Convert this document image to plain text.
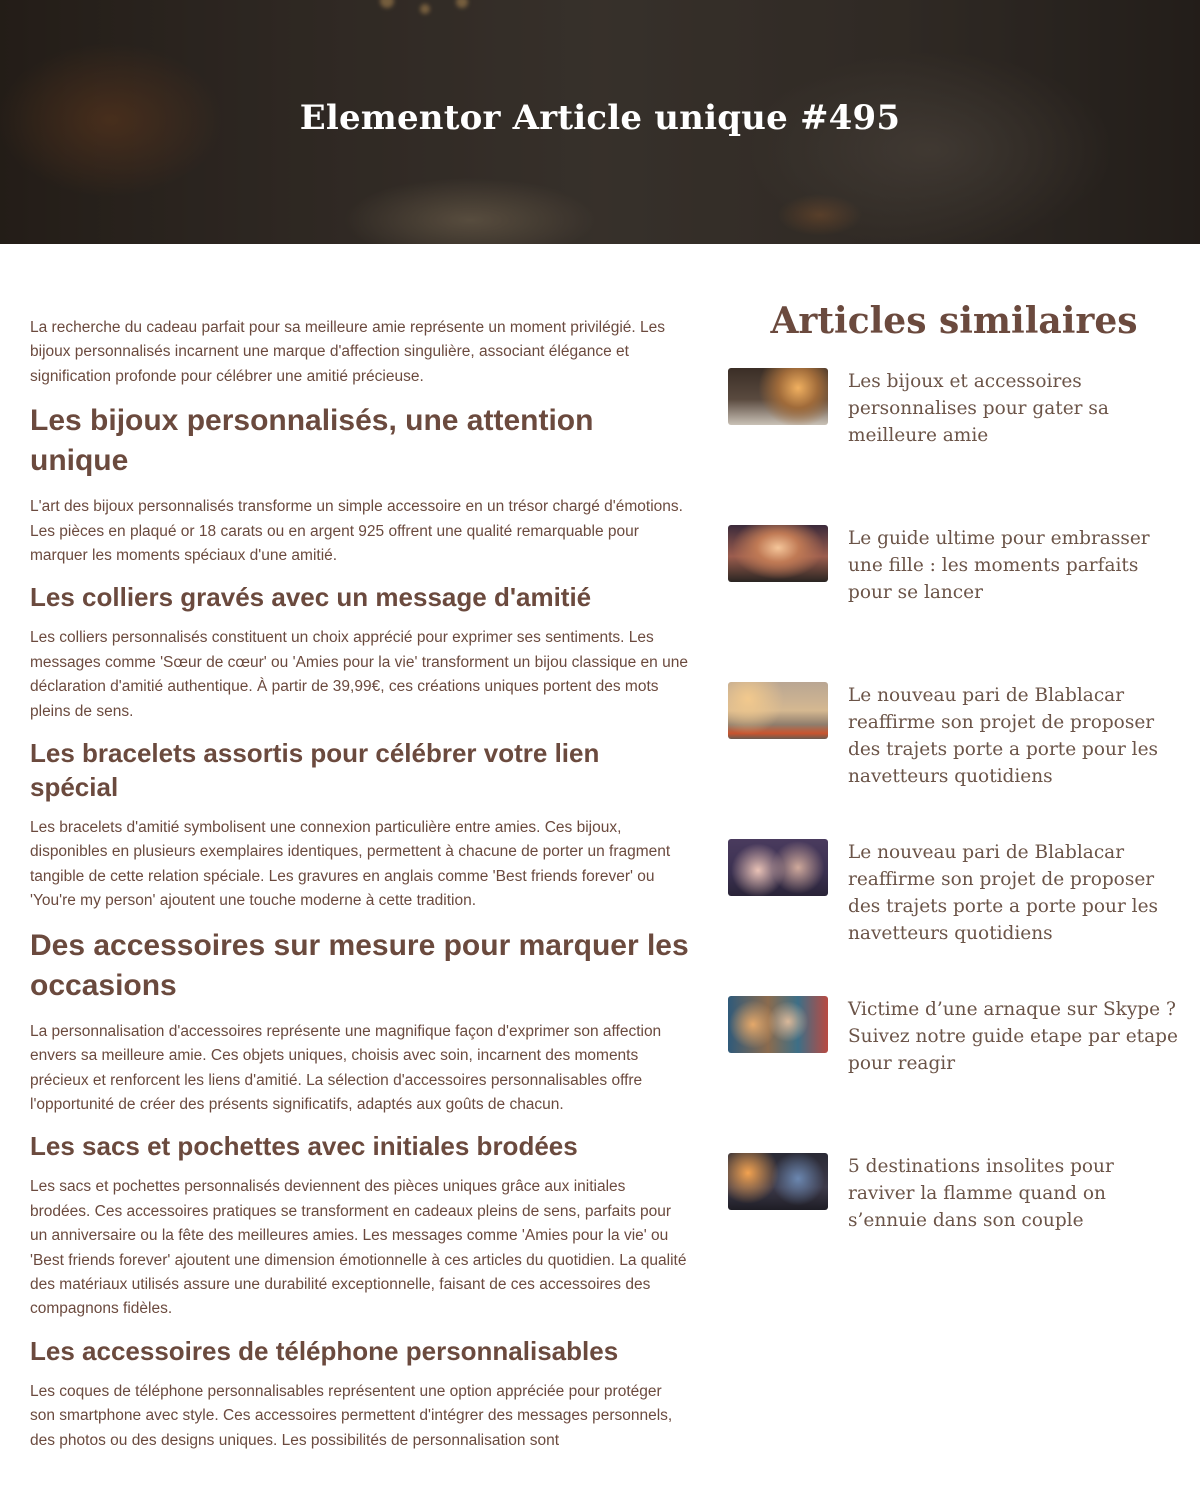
Elementor Article unique #495

La recherche du cadeau parfait pour sa meilleure amie représente un moment privilégié. Les bijoux personnalisés incarnent une marque d'affection singulière, associant élégance et signification profonde pour célébrer une amitié précieuse.

Les bijoux personnalisés, une attention unique

L'art des bijoux personnalisés transforme un simple accessoire en un trésor chargé d'émotions. Les pièces en plaqué or 18 carats ou en argent 925 offrent une qualité remarquable pour marquer les moments spéciaux d'une amitié.

Les colliers gravés avec un message d'amitié

Les colliers personnalisés constituent un choix apprécié pour exprimer ses sentiments. Les messages comme 'Sœur de cœur' ou 'Amies pour la vie' transforment un bijou classique en une déclaration d'amitié authentique. À partir de 39,99€, ces créations uniques portent des mots pleins de sens.

Les bracelets assortis pour célébrer votre lien spécial

Les bracelets d'amitié symbolisent une connexion particulière entre amies. Ces bijoux, disponibles en plusieurs exemplaires identiques, permettent à chacune de porter un fragment tangible de cette relation spéciale. Les gravures en anglais comme 'Best friends forever' ou 'You're my person' ajoutent une touche moderne à cette tradition.

Des accessoires sur mesure pour marquer les occasions

La personnalisation d'accessoires représente une magnifique façon d'exprimer son affection envers sa meilleure amie. Ces objets uniques, choisis avec soin, incarnent des moments précieux et renforcent les liens d'amitié. La sélection d'accessoires personnalisables offre l'opportunité de créer des présents significatifs, adaptés aux goûts de chacun.

Les sacs et pochettes avec initiales brodées

Les sacs et pochettes personnalisés deviennent des pièces uniques grâce aux initiales brodées. Ces accessoires pratiques se transforment en cadeaux pleins de sens, parfaits pour un anniversaire ou la fête des meilleures amies. Les messages comme 'Amies pour la vie' ou 'Best friends forever' ajoutent une dimension émotionnelle à ces articles du quotidien. La qualité des matériaux utilisés assure une durabilité exceptionnelle, faisant de ces accessoires des compagnons fidèles.

Les accessoires de téléphone personnalisables

Les coques de téléphone personnalisables représentent une option appréciée pour protéger son smartphone avec style. Ces accessoires permettent d'intégrer des messages personnels, des photos ou des designs uniques. Les possibilités de personnalisation sont

Articles similaires
Les bijoux et accessoires personnalises pour gater sa meilleure amie
Le guide ultime pour embrasser une fille : les moments parfaits pour se lancer
Le nouveau pari de Blablacar reaffirme son projet de proposer des trajets porte a porte pour les navetteurs quotidiens
Le nouveau pari de Blablacar reaffirme son projet de proposer des trajets porte a porte pour les navetteurs quotidiens
Victime d’une arnaque sur Skype ? Suivez notre guide etape par etape pour reagir
5 destinations insolites pour raviver la flamme quand on s’ennuie dans son couple
